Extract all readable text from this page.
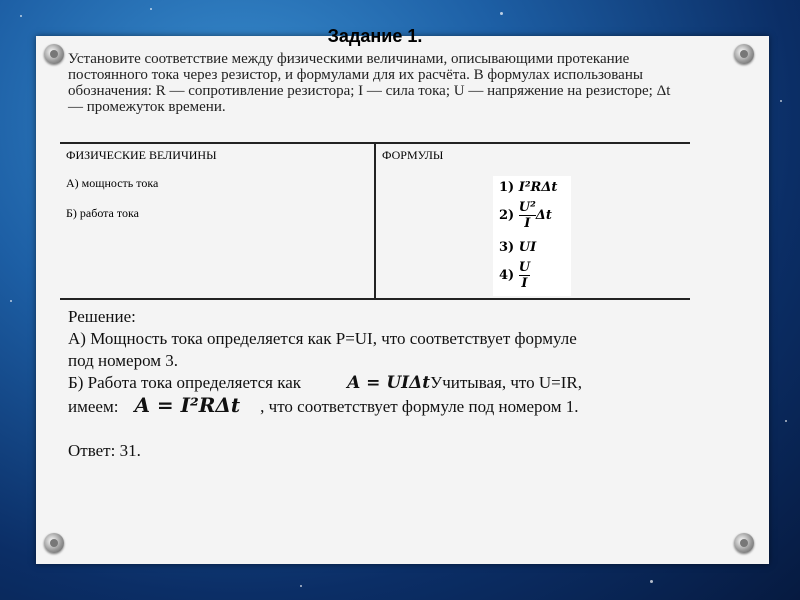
Задание 1.
Установите соответствие между физическими величинами, описывающими протекание постоянного тока через резистор, и формулами для их расчёта. В формулах использованы обозначения: R — сопротивление резистора; I — сила тока; U — напряжение на резисторе; Δt — промежуток времени.
ФИЗИЧЕСКИЕ ВЕЛИЧИНЫ
А) мощность тока
Б) работа тока
ФОРМУЛЫ
1) I²RΔt
$2) \frac{\text{U²}}{I}$ Δt
3) UI
$4) \frac{U}{I}$
Решение:
А) Мощность тока определяется как P=UI, что соответствует формуле
под номером 3.
Б) Работа тока определяется как	A = UIΔtУчитывая, что U=IR,
имеем: A = I²RΔt , что соответствует формуле под номером 1.
Ответ: 31.
